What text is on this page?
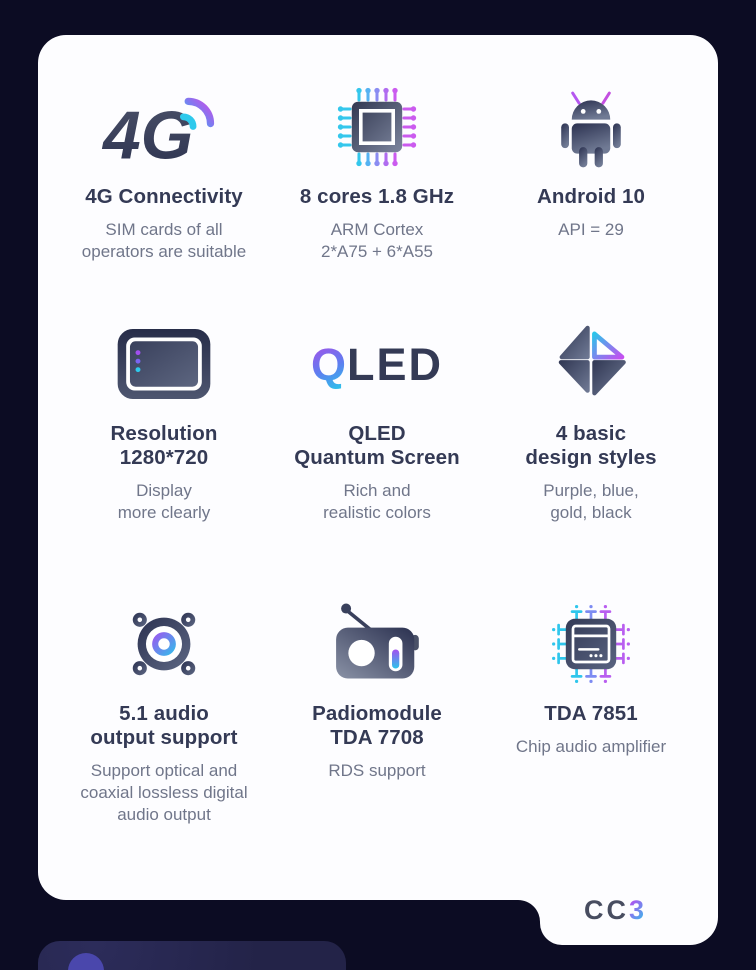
4G
4G Connectivity

SIM cards of all
operators are suitable

8 cores 1.8 GHz

ARM Cortex
2*A75 + 6*A55

Android 10

API = 29

Resolution
1280*720

Display
more clearly

QLED
QLED
Quantum Screen

Rich and
realistic colors

4 basic
design styles

Purple, blue,
gold, black

5.1 audio
output support

Support optical and
coaxial lossless digital
audio output

Padiomodule
TDA 7708

RDS support

TDA 7851

Chip audio amplifier

CC3
